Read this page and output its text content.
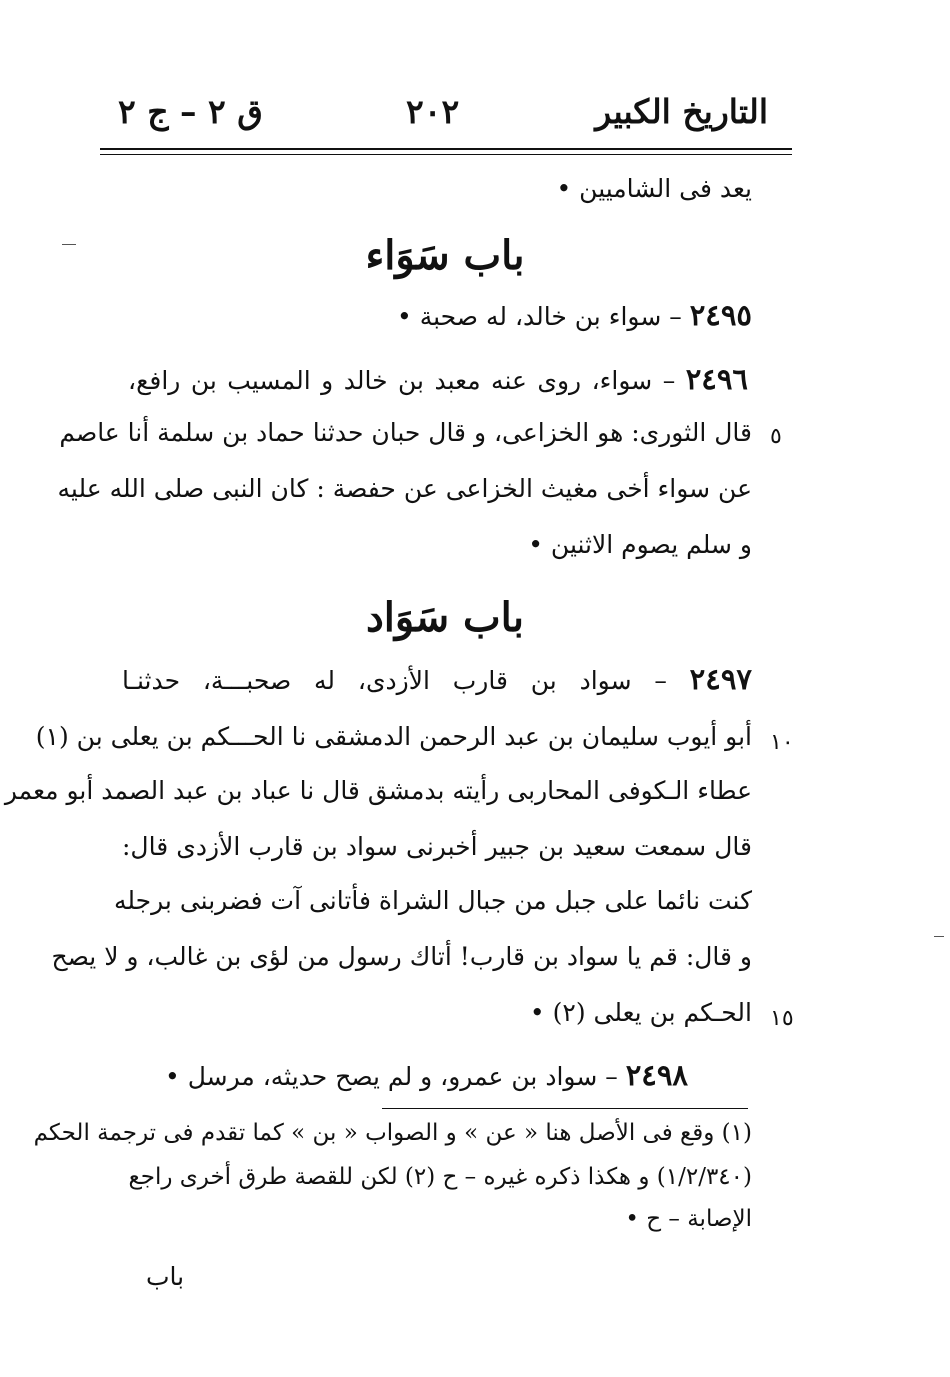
التاريخ الكبير
٢٠٢
ق ٢ – ج ٢
يعد فى الشاميين •
باب سَوَاء
٢٤٩٥ – سواء بن خالد، له صحبة •
٢٤٩٦ – سواء، روى عنه معبد بن خالد و المسيب بن رافع،
٥
قال الثورى: هو الخزاعى، و قال حبان حدثنا حماد بن سلمة أنا عاصم
عن سواء أخى مغيث الخزاعى عن حفصة : كان النبى صلى الله عليه
و سلم يصوم الاثنين •
باب سَوَاد
٢٤٩٧ – سواد بن قارب الأزدى، له صحبـــة، حدثنـا
١٠
أبو أيوب سليمان بن عبد الرحمن الدمشقى نا الحـــكم بن يعلى بن (١)
عطاء الـكوفى المحاربى رأيته بدمشق قال نا عباد بن عبد الصمد أبو معمر
قال سمعت سعيد بن جبير أخبرنى سواد بن قارب الأزدى قال:
كنت نائما على جبل من جبال الشراة فأتانى آت فضربنى برجله
و قال: قم يا سواد بن قارب! أتاك رسول من لؤى بن غالب، و لا يصح
١٥
الحـكم بن يعلى (٢) •
٢٤٩٨ – سواد بن عمرو، و لم يصح حديثه، مرسل •
(١) وقع فى الأصل هنا « عن » و الصواب « بن » كما تقدم فى ترجمة الحكم
(١/٢/٣٤٠) و هكذا ذكره غيره – ح (٢) لكن للقصة طرق أخرى راجع
الإصابة – ح •
باب
